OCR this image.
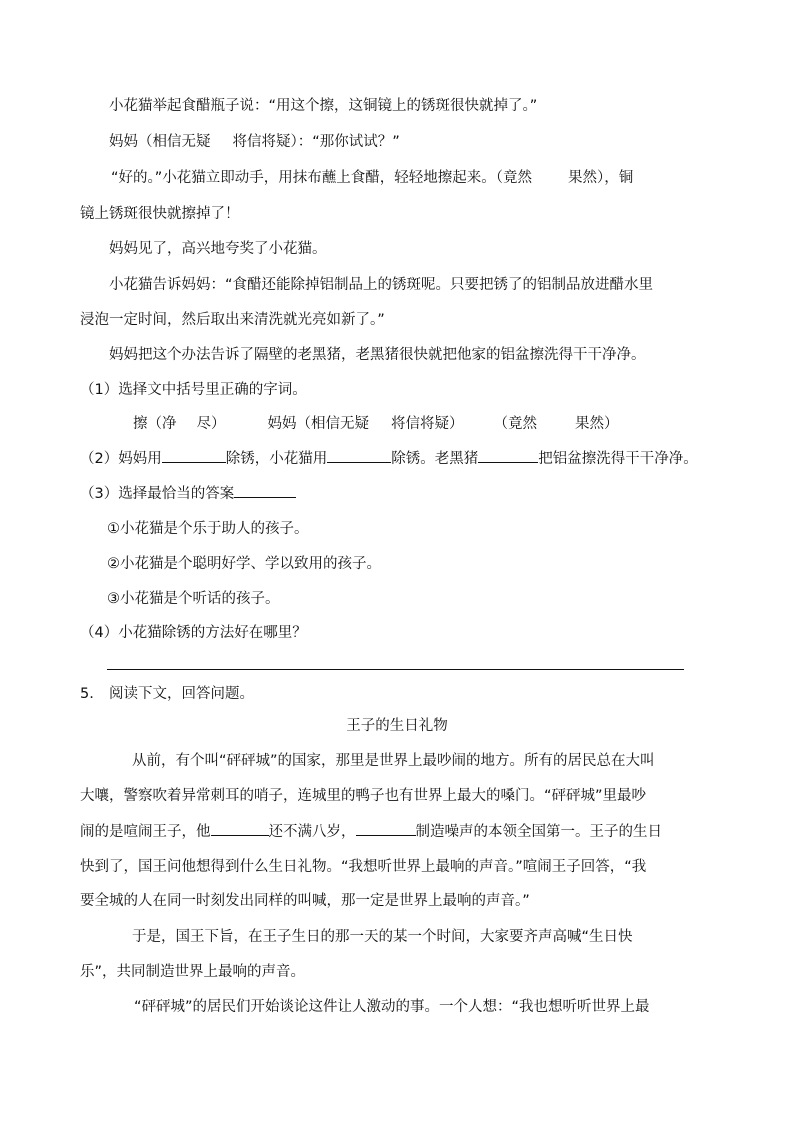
小花猫举起食醋瓶子说：“用这个擦，这铜镜上的锈斑很快就掉了。”
妈妈（相信无疑 将信将疑）：“那你试试？”
“好的。”小花猫立即动手，用抹布蘸上食醋，轻轻地擦起来。（竟然 果然），铜
镜上锈斑很快就擦掉了！
妈妈见了，高兴地夸奖了小花猫。
小花猫告诉妈妈：“食醋还能除掉铝制品上的锈斑呢。只要把锈了的铝制品放进醋水里
浸泡一定时间，然后取出来清洗就光亮如新了。”
妈妈把这个办法告诉了隔壁的老黑猪，老黑猪很快就把他家的铝盆擦洗得干干净净。
（1）选择文中括号里正确的字词。
擦（净 尽）	妈妈（相信无疑 将信将疑） （竟然	果然）
（2）妈妈用	除锈，小花猫用	除锈。老黑猪	把铝盆擦洗得干干净净。
（3）选择最恰当的答案
①小花猫是个乐于助人的孩子。
②小花猫是个聪明好学、学以致用的孩子。
③小花猫是个听话的孩子。
（4）小花猫除锈的方法好在哪里？
5. 阅读下文，回答问题。
王子的生日礼物
从前，有个叫“砰砰城”的国家，那里是世界上最吵闹的地方。所有的居民总在大叫
大嚷，警察吹着异常刺耳的哨子，连城里的鸭子也有世界上最大的嗓门。“砰砰城”里最吵
闹的是喧闹王子，他	还不满八岁，	制造噪声的本领全国第一。王子的生日
快到了，国王问他想得到什么生日礼物。“我想听世界上最响的声音。”喧闹王子回答，“我
要全城的人在同一时刻发出同样的叫喊，那一定是世界上最响的声音。”
于是，国王下旨，在王子生日的那一天的某一个时间，大家要齐声高喊“生日快
乐”，共同制造世界上最响的声音。
“砰砰城”的居民们开始谈论这件让人激动的事。一个人想：“我也想听听世界上最
